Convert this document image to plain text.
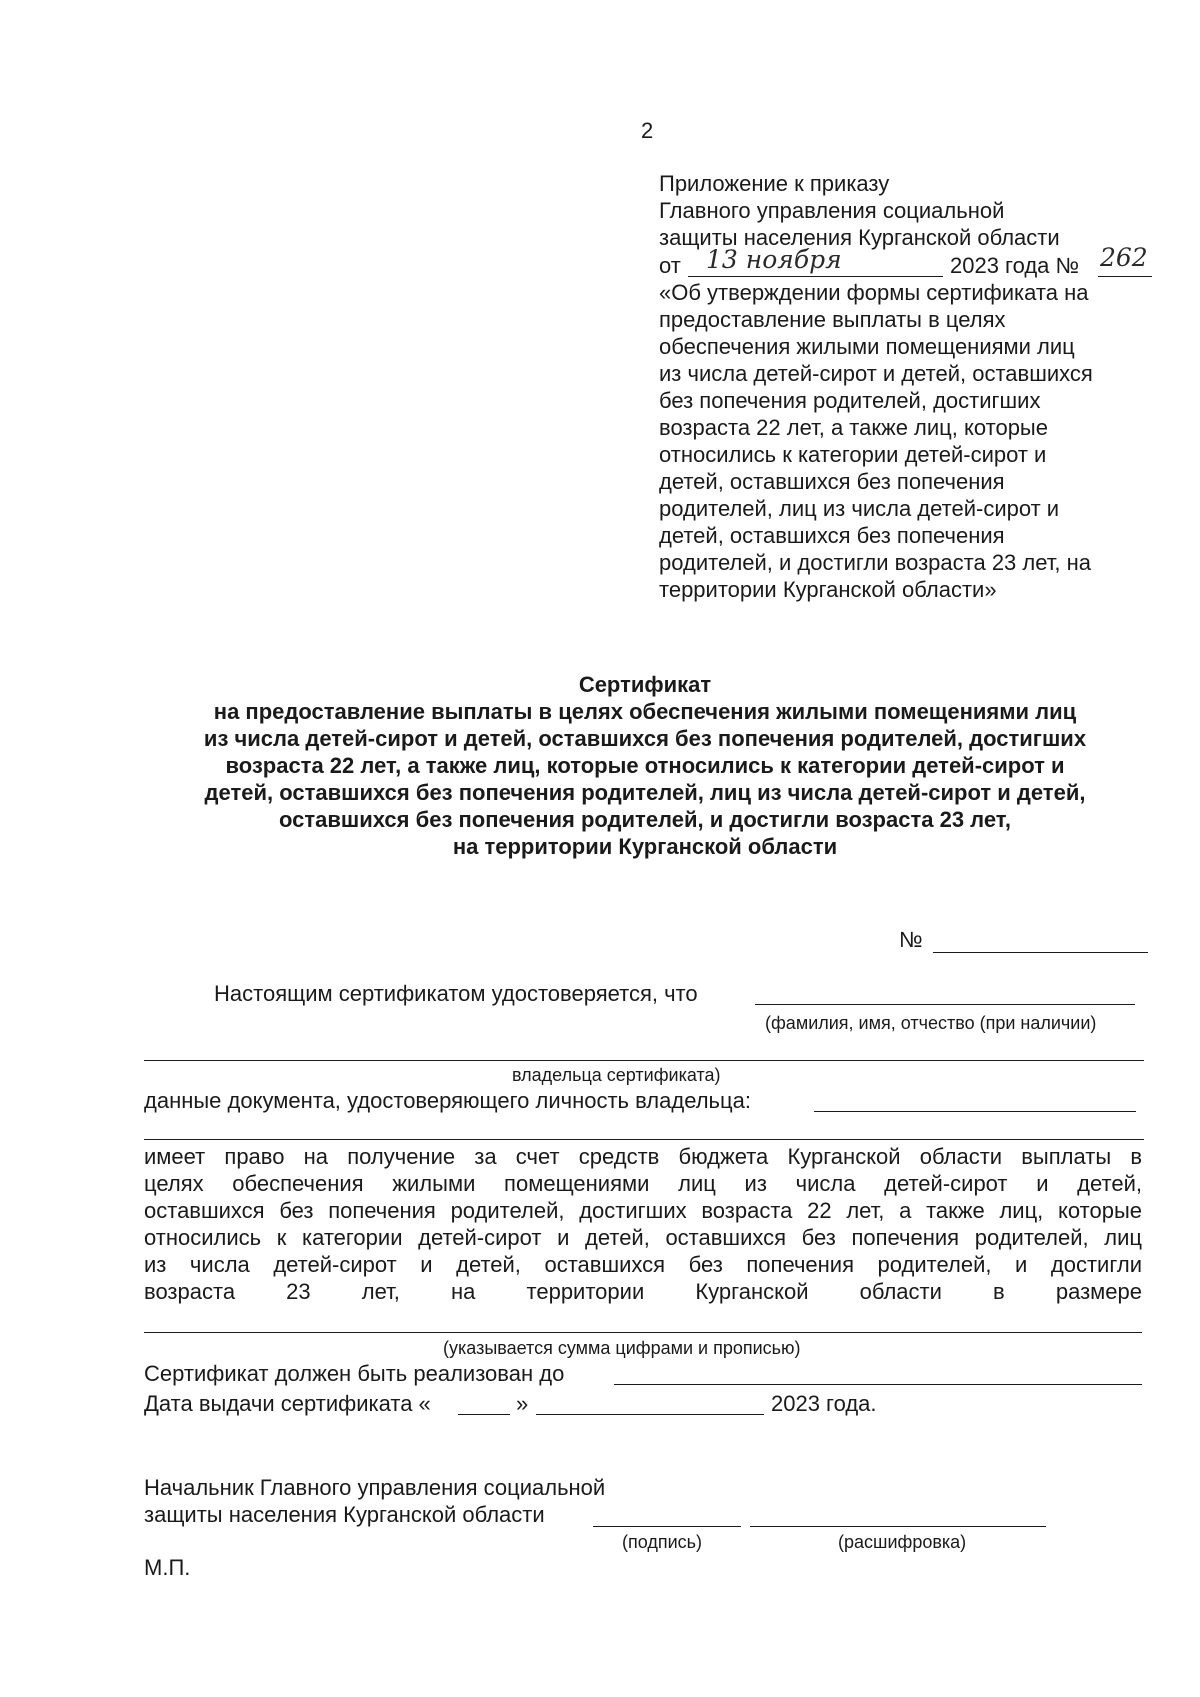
2
Приложение к приказу
Главного управления социальной
защиты населения Курганской области
от 13 ноября	2023 года № 262
«Об утверждении формы сертификата на
предоставление выплаты в целях
обеспечения жилыми помещениями лиц
из числа детей-сирот и детей, оставшихся
без попечения родителей, достигших
возраста 22 лет, а также лиц, которые
относились к категории детей-сирот и
детей, оставшихся без попечения
родителей, лиц из числа детей-сирот и
детей, оставшихся без попечения
родителей, и достигли возраста 23 лет, на
территории Курганской области»
Сертификат
на предоставление выплаты в целях обеспечения жилыми помещениями лиц
из числа детей-сирот и детей, оставшихся без попечения родителей, достигших
возраста 22 лет, а также лиц, которые относились к категории детей-сирот и
детей, оставшихся без попечения родителей, лиц из числа детей-сирот и детей,
оставшихся без попечения родителей, и достигли возраста 23 лет,
на территории Курганской области
№
Настоящим сертификатом удостоверяется, что
(фамилия, имя, отчество (при наличии)
владельца сертификата)
данные документа, удостоверяющего личность владельца:
имеет право на получение за счет средств бюджета Курганской области выплаты в
целях обеспечения жилыми помещениями лиц из числа детей-сирот и детей,
оставшихся без попечения родителей, достигших возраста 22 лет, а также лиц, которые
относились к категории детей-сирот и детей, оставшихся без попечения родителей, лиц
из числа детей-сирот и детей, оставшихся без попечения родителей, и достигли
возраста 23 лет, на территории Курганской области в размере
(указывается сумма цифрами и прописью)
Сертификат должен быть реализован до
Дата выдачи сертификата «	»	2023 года.
Начальник Главного управления социальной
защиты населения Курганской области
(подпись)	(расшифровка)
М.П.
